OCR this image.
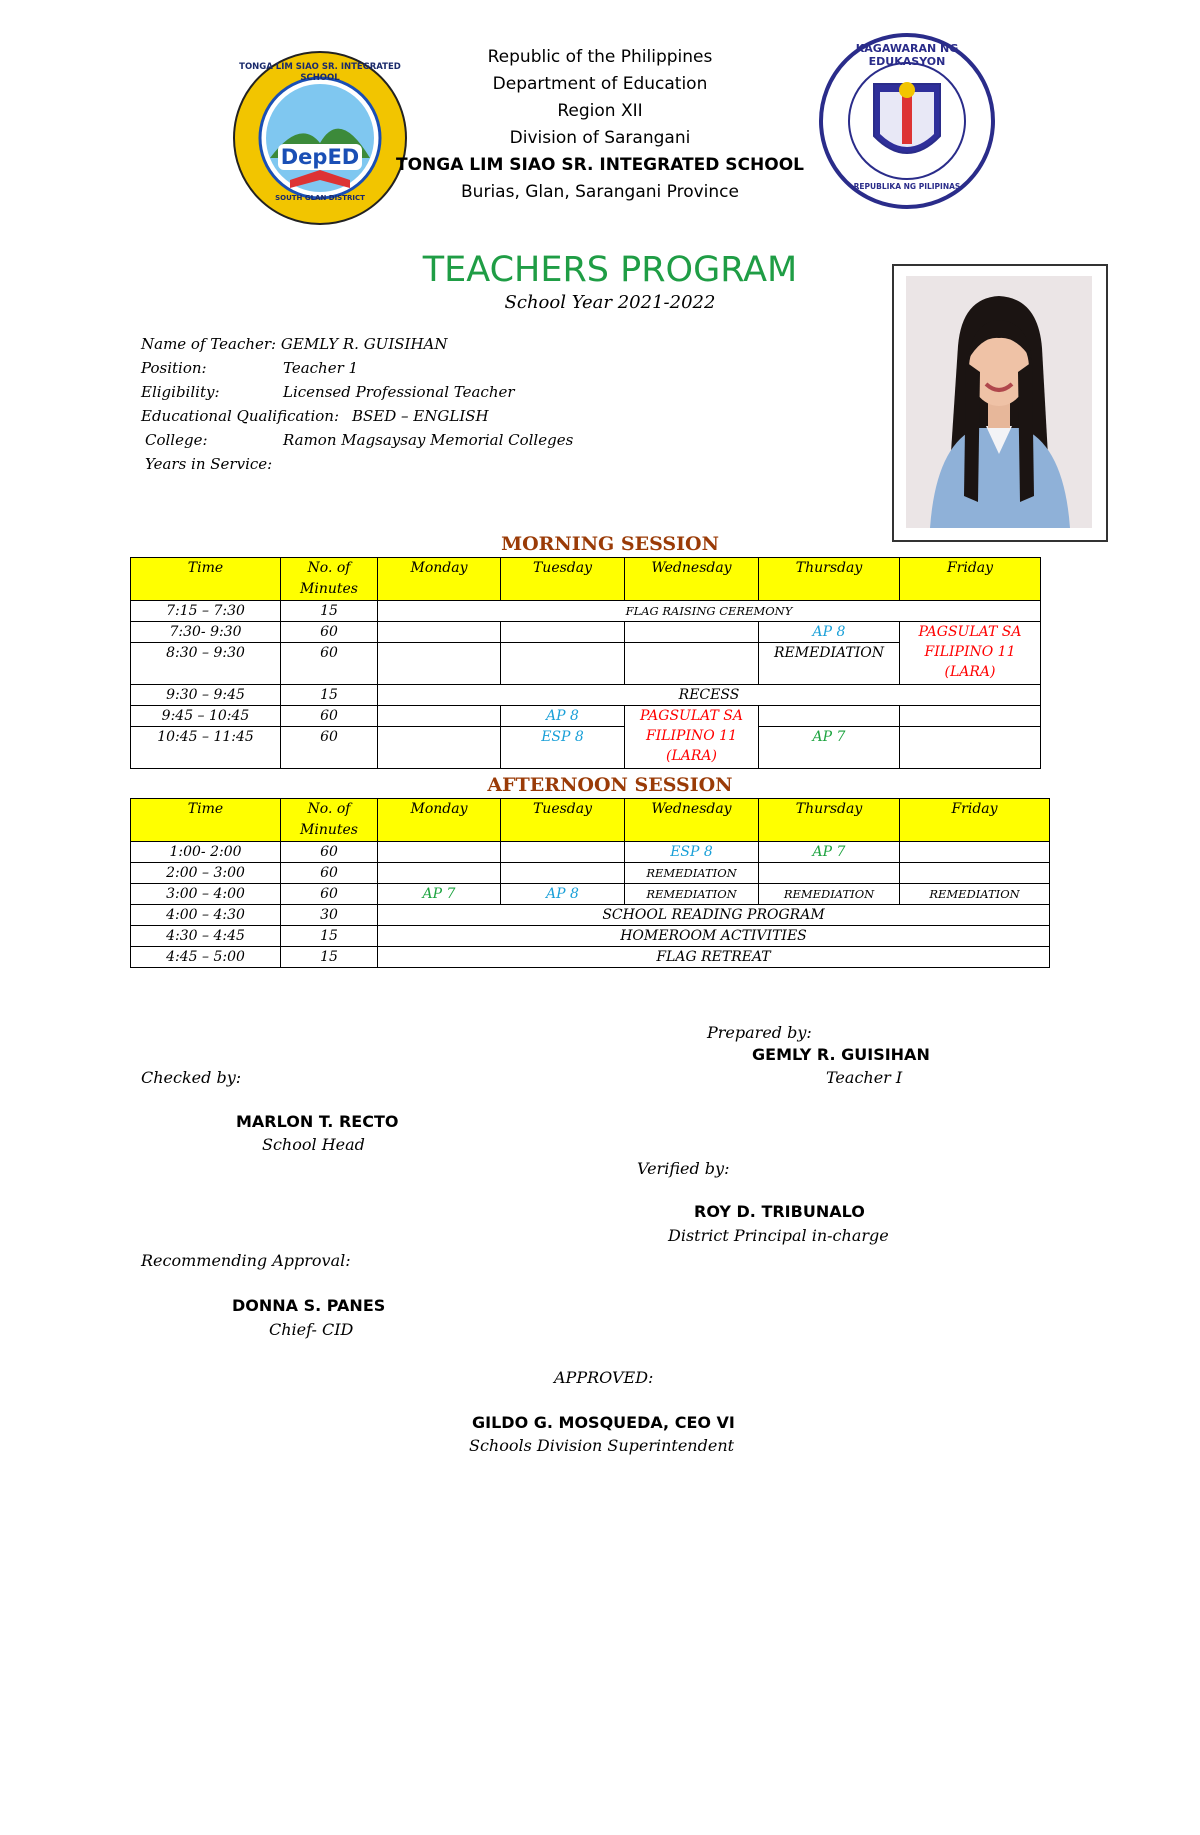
DepED
TONGA LIM SIAO SR. INTEGRATED SCHOOL
SOUTH GLAN DISTRICT
KAGAWARAN NG EDUKASYON
REPUBLIKA NG PILIPINAS
Republic of the Philippines
Department of Education
Region XII
Division of Sarangani
TONGA LIM SIAO SR. INTEGRATED SCHOOL
Burias, Glan, Sarangani Province
TEACHERS PROGRAM
School Year 2021-2022
Name of Teacher:
GEMLY R. GUISIHAN
Position:	Teacher 1
Eligibility:	Licensed Professional Teacher
Educational Qualification: BSED – ENGLISH
College:	Ramon Magsaysay Memorial Colleges
Years in Service:
MORNING SESSION
Time	No. of Minutes	Monday	Tuesday	Wednesday	Thursday	Friday
7:15 – 7:30	15	FLAG RAISING CEREMONY				
7:30- 9:30	60				AP 8	PAGSULAT SA FILIPINO 11 (LARA)
8:30 – 9:30	60				REMEDIATION	
9:30 – 9:45	15	RECESS				
9:45 – 10:45	60		AP 8	PAGSULAT SA FILIPINO 11 (LARA)		
10:45 – 11:45	60		ESP 8		AP 7	
AFTERNOON SESSION
Time	No. of Minutes	Monday	Tuesday	Wednesday	Thursday	Friday
1:00- 2:00	60			ESP 8	AP 7	
2:00 – 3:00	60			REMEDIATION		
3:00 – 4:00	60	AP 7	AP 8	REMEDIATION	REMEDIATION	REMEDIATION
4:00 – 4:30	30	SCHOOL READING PROGRAM				
4:30 – 4:45	15	HOMEROOM ACTIVITIES				
4:45 – 5:00	15	FLAG RETREAT				
Prepared by:
GEMLY R. GUISIHAN
Teacher I
Checked by:
MARLON T. RECTO
School Head
Verified by:
ROY D. TRIBUNALO
District Principal in-charge
Recommending Approval:
DONNA S. PANES
Chief- CID
APPROVED:
GILDO G. MOSQUEDA, CEO VI
Schools Division Superintendent
